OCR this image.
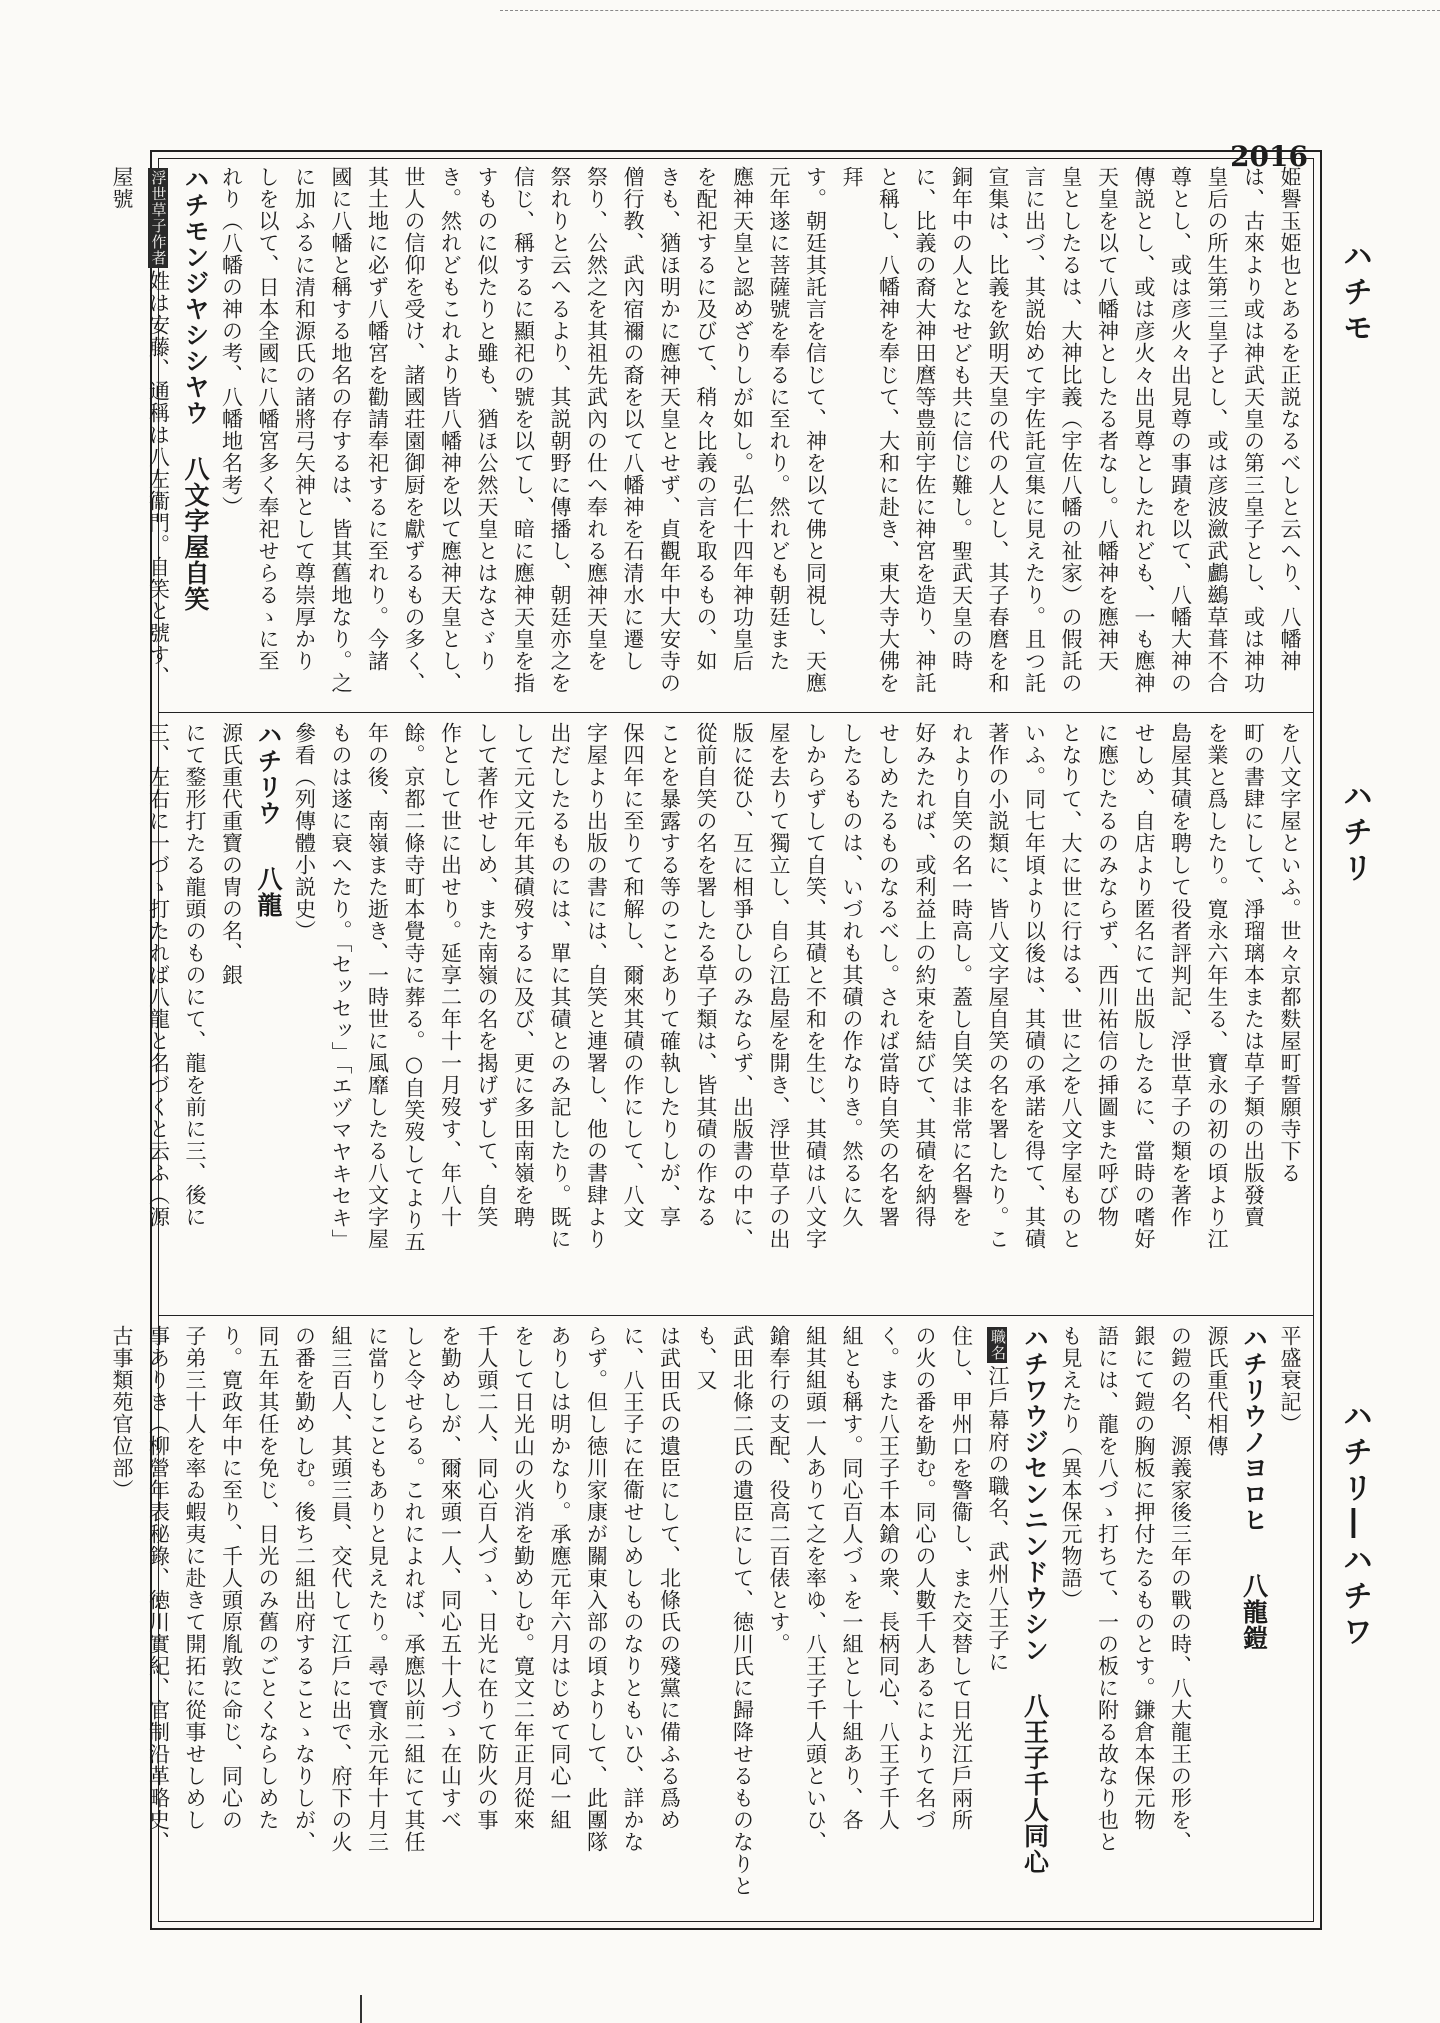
2016
ハチモ
ハチリ
ハチリ―ハチワ

姫譽玉姫也とあるを正説なるべしと云へり、八幡神
は、古來より或は神武天皇の第三皇子とし、或は神功
皇后の所生第三皇子とし、或は彦波瀲武鸕鷀草葺不合
尊とし、或は彦火々出見尊の事蹟を以て、八幡大神の
傳説とし、或は彦火々出見尊としたれども、一も應神
天皇を以て八幡神としたる者なし。八幡神を應神天
皇としたるは、大神比義（宇佐八幡の祉家）の假託の
言に出づ、其説始めて宇佐託宣集に見えたり。且つ託
宣集は、比義を欽明天皇の代の人とし、其子春麿を和
銅年中の人となせども共に信じ難し。聖武天皇の時
に、比義の裔大神田麿等豊前宇佐に神宮を造り、神託
と稱し、八幡神を奉じて、大和に赴き、東大寺大佛を拜
す。朝廷其託言を信じて、神を以て佛と同視し、天應
元年遂に菩薩號を奉るに至れり。然れども朝廷また
應神天皇と認めざりしが如し。弘仁十四年神功皇后
を配祀するに及びて、稍々比義の言を取るもの、如
きも、猶ほ明かに應神天皇とせず、貞觀年中大安寺の
僧行教、武內宿禰の裔を以て八幡神を石清水に遷し
祭り、公然之を其祖先武內の仕へ奉れる應神天皇を
祭れりと云へるより、其説朝野に傳播し、朝廷亦之を
信じ、稱するに顯祀の號を以てし、暗に應神天皇を指
すものに似たりと雖も、猶ほ公然天皇とはなさゞり
き。然れどもこれより皆八幡神を以て應神天皇とし、
世人の信仰を受け、諸國荘園御厨を獻ずるもの多く、
其土地に必ず八幡宮を勸請奉祀するに至れり。今諸
國に八幡と稱する地名の存するは、皆其舊地なり。之
に加ふるに清和源氏の諸將弓矢神として尊崇厚かり
しを以て、日本全國に八幡宮多く奉祀せらるゝに至
れり（八幡の神の考、八幡地名考）

ハチモンジヤシシヤウ八文字屋自笑

浮世草子作者姓は安藤、通稱は八左衞門。自笑と號す、屋號

を八文字屋といふ。世々京都麩屋町誓願寺下る
町の書肆にして、淨瑠璃本または草子類の出版發賣
を業と爲したり。寛永六年生る、寶永の初の頃より江
島屋其磧を聘して役者評判記、浮世草子の類を著作
せしめ、自店より匿名にて出版したるに、當時の嗜好
に應じたるのみならず、西川祐信の挿圖また呼び物
となりて、大に世に行はる、世に之を八文字屋ものと
いふ。同七年頃より以後は、其磧の承諾を得て、其磧
著作の小説類に、皆八文字屋自笑の名を署したり。こ
れより自笑の名一時高し。蓋し自笑は非常に名譽を
好みたれば、或利益上の約束を結びて、其磧を納得
せしめたるものなるべし。されば當時自笑の名を署
したるものは、いづれも其磧の作なりき。然るに久
しからずして自笑、其磧と不和を生じ、其磧は八文字
屋を去りて獨立し、自ら江島屋を開き、浮世草子の出
版に從ひ、互に相爭ひしのみならず、出版書の中に、
從前自笑の名を署したる草子類は、皆其磧の作なる
ことを暴露する等のことありて確執したりしが、享
保四年に至りて和解し、爾來其磧の作にして、八文
字屋より出版の書には、自笑と連署し、他の書肆より
出だしたるものには、單に其磧とのみ記したり。既に
して元文元年其磧歿するに及び、更に多田南嶺を聘
して著作せしめ、また南嶺の名を揭げずして、自笑
作として世に出せり。延享二年十一月歿す、年八十
餘。京都二條寺町本覺寺に葬る。○自笑歿してより五
年の後、南嶺また逝き、一時世に風靡したる八文字屋
ものは遂に衰へたり。「セッセッ」「エヅマヤキセキ」
參看（列傳體小説史）

ハチリウ八龍

源氏重代重寶の冑の名、銀
にて鍪形打たる龍頭のものにて、龍を前に三、後に
三、左右に一づゝ打たれば八龍と名づくと云ふ（源

平盛衰記）

ハチリウノヨロヒ八龍鎧

源氏重代相傳
の鎧の名、源義家後三年の戰の時、八大龍王の形を、
銀にて鎧の胸板に押付たるものとす。鎌倉本保元物
語には、龍を八づゝ打ちて、一の板に附る故なり也と
も見えたり（異本保元物語）

ハチワウジセンニンドウシン八王子千人同心

職名江戶幕府の職名、武州八王子に
住し、甲州口を警衞し、また交替して日光江戶兩所
の火の番を勤む。同心の人數千人あるによりて名づ
く。また八王子千本鎗の衆、長柄同心、八王子千人
組とも稱す。同心百人づゝを一組とし十組あり、各
組其組頭一人ありて之を率ゆ、八王子千人頭といひ、
鎗奉行の支配、役高二百俵とす。
武田北條二氏の遺臣にして、徳川氏に歸降せるものなりとも、又
は武田氏の遺臣にして、北條氏の殘黨に備ふる爲め
に、八王子に在衞せしめしものなりともいひ、詳かな
らず。但し徳川家康が關東入部の頃よりして、此團隊
ありしは明かなり。承應元年六月はじめて同心一組
をして日光山の火消を勤めしむ。寛文二年正月從來
千人頭二人、同心百人づゝ、日光に在りて防火の事
を勤めしが、爾來頭一人、同心五十人づゝ在山すべ
しと令せらる。これによれば、承應以前二組にて其任
に當りしこともありと見えたり。尋で寶永元年十月三
組三百人、其頭三員、交代して江戶に出で、府下の火
の番を勤めしむ。後ち二組出府することゝなりしが、
同五年其任を免じ、日光のみ舊のごとくならしめた
り。寛政年中に至り、千人頭原胤敦に命じ、同心の
子弟三十人を率ゐ蝦夷に赴きて開拓に從事せしめし
事ありき（柳營年表秘錄、徳川實紀、官制沿革略史、
古事類苑官位部）
